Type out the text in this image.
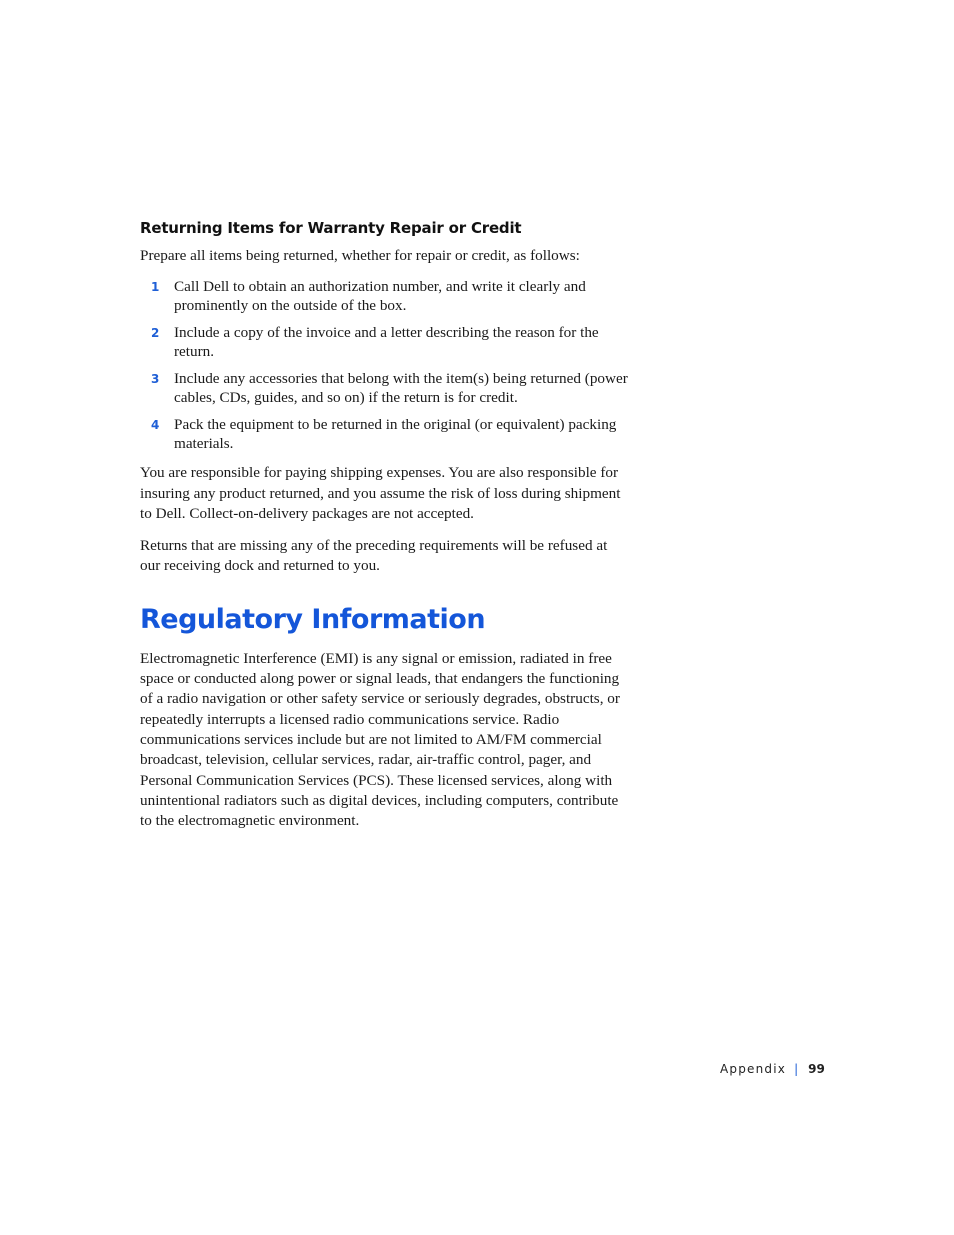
Returning Items for Warranty Repair or Credit

Prepare all items being returned, whether for repair or credit, as follows:

1 Call Dell to obtain an authorization number, and write it clearly and prominently on the outside of the box.
2 Include a copy of the invoice and a letter describing the reason for the return.
3 Include any accessories that belong with the item(s) being returned (power cables, CDs, guides, and so on) if the return is for credit.
4 Pack the equipment to be returned in the original (or equivalent) packing materials.

You are responsible for paying shipping expenses. You are also responsible for insuring any product returned, and you assume the risk of loss during shipment to Dell. Collect-on-delivery packages are not accepted.

Returns that are missing any of the preceding requirements will be refused at our receiving dock and returned to you.

Regulatory Information

Electromagnetic Interference (EMI) is any signal or emission, radiated in free space or conducted along power or signal leads, that endangers the functioning of a radio navigation or other safety service or seriously degrades, obstructs, or repeatedly interrupts a licensed radio communications service. Radio communications services include but are not limited to AM/FM commercial broadcast, television, cellular services, radar, air-traffic control, pager, and Personal Communication Services (PCS). These licensed services, along with unintentional radiators such as digital devices, including computers, contribute to the electromagnetic environment.

Appendix | 99
